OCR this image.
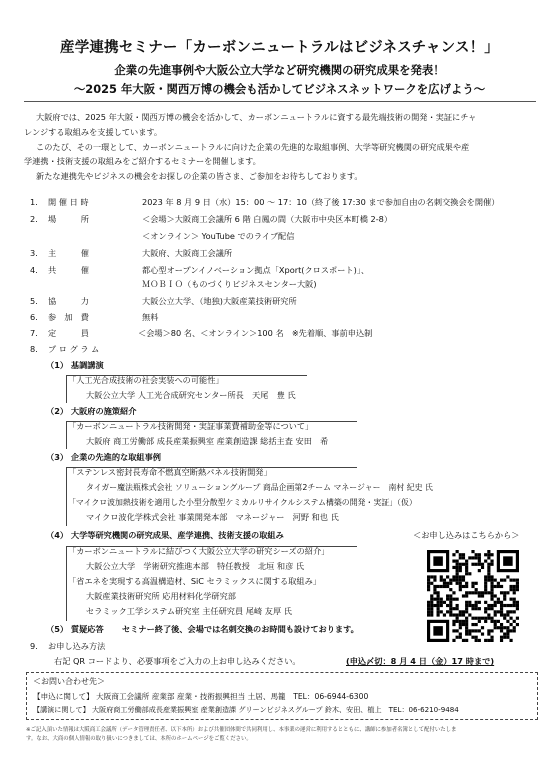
産学連携セミナー「カーボンニュートラルはビジネスチャンス！」
企業の先進事例や大阪公立大学など研究機関の研究成果を発表！
～2025 年大阪・関西万博の機会も活かしてビジネスネットワークを広げよう～
大阪府では、2025 年大阪・関西万博の機会を活かして、カーボンニュートラルに資する最先端技術の開発・実証にチャ
レンジする取組みを支援しています。
このたび、その一環として、カーボンニュートラルに向けた企業の先進的な取組事例、大学等研究機関の研究成果や産
学連携・技術支援の取組みをご紹介するセミナーを開催します。
新たな連携先やビジネスの機会をお探しの企業の皆さま、ご参加をお待ちしております。
1. 開 催 日 時	2023 年 8 月 9 日（水）15：00 ～ 17：10（終了後 17:30 まで参加自由の名刺交換会を開催）
2. 場　　　所	＜会場＞大阪商工会議所 6 階 白鳳の間（大阪市中央区本町橋 2-8）
＜オンライン＞ YouTube でのライブ配信
3. 主　　　催	大阪府、大阪商工会議所
4. 共　　　催	都心型オープンイノベーション拠点「Xport(クロスポート)」、
ＭＯＢＩＯ（ものづくりビジネスセンター大阪)
5. 協　　　力	大阪公立大学、（地独)大阪産業技術研究所
6. 参　加　費	無料
7. 定　　　員	＜会場＞80 名、＜オンライン＞100 名　※先着順、事前申込制
8. プ ロ グ ラ ム
（1） 基調講演
「人工光合成技術の社会実装への可能性」
大阪公立大学 人工光合成研究センター所長　天尾　豊 氏
（2） 大阪府の施策紹介
「カーボンニュートラル技術開発・実証事業費補助金等について」
大阪府 商工労働部 成長産業振興室 産業創造課 総括主査 安田　希
（3） 企業の先進的な取組事例
「ステンレス密封長寿命不燃真空断熱パネル技術開発」
タイガー魔法瓶株式会社 ソリューショングループ 商品企画第2チーム マネージャー　南村 紀史 氏
「マイクロ波加熱技術を適用した小型分散型ケミカルリサイクルシステム構築の開発・実証」（仮）
マイクロ波化学株式会社 事業開発本部　マネージャー　河野 和也 氏
（4） 大学等研究機関の研究成果、産学連携、技術支援の取組み	＜お申し込みはこちらから＞
「カーボンニュートラルに結びつく大阪公立大学の研究シーズの紹介」
大阪公立大学　学術研究推進本部　特任教授　北垣 和彦 氏
「省エネを実現する高温構造材、SiC セラミックスに関する取組み」
大阪産業技術研究所 応用材料化学研究部
セラミック工学システム研究室 主任研究員 尾崎 友厚 氏
（5） 質疑応答 セミナー終了後、会場では名刺交換のお時間も設けております。
9. お申し込み方法
右記 QR コードより、必要事項をご入力の上お申し込みください。	(申込〆切：8 月 4 日（金）17 時まで)
＜お問い合わせ先＞
【申込に関して】 大阪商工会議所 産業部 産業・技術振興担当 土居、馬籠　TEL：06-6944-6300
【講演に関して】 大阪府商工労働部成長産業振興室 産業創造課 グリーンビジネスグループ 鈴木、安田、植上　TEL：06-6210-9484
※ご記入頂いた情報は大阪商工会議所（データ管理責任者、以下本所）および共催団体間で共同利用し、本事業の運営に利用するとともに、講師に参加者名簿として配付いたしま
す。なお、大商の個人情報の取り扱いにつきましては、本所のホームページをご覧ください。
